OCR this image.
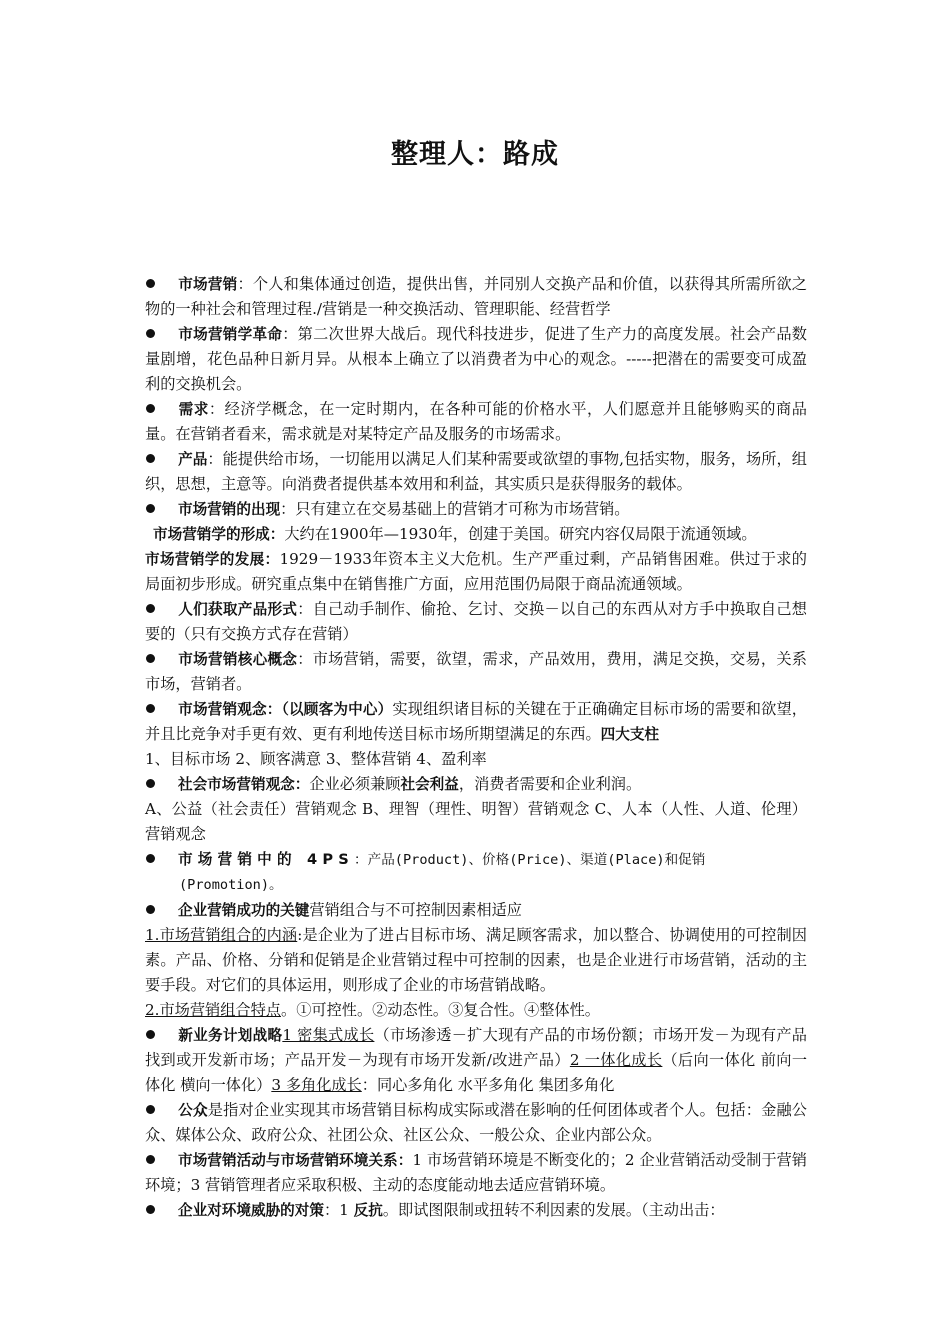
整理人：路成

市场营销：个人和集体通过创造，提供出售，并同别人交换产品和价值，以获得其所需所欲之物的一种社会和管理过程./营销是一种交换活动、管理职能、经营哲学

市场营销学革命：第二次世界大战后。现代科技进步，促进了生产力的高度发展。社会产品数量剧增，花色品种日新月异。从根本上确立了以消费者为中心的观念。-----把潜在的需要变可成盈利的交换机会。

需求：经济学概念，在一定时期内，在各种可能的价格水平，人们愿意并且能够购买的商品量。在营销者看来，需求就是对某特定产品及服务的市场需求。

产品：能提供给市场，一切能用以满足人们某种需要或欲望的事物,包括实物，服务，场所，组织，思想，主意等。向消费者提供基本效用和利益，其实质只是获得服务的载体。

市场营销的出现：只有建立在交易基础上的营销才可称为市场营销。

市场营销学的形成：大约在1900年—1930年，创建于美国。研究内容仅局限于流通领域。

市场营销学的发展：1929－1933年资本主义大危机。生产严重过剩，产品销售困难。供过于求的局面初步形成。研究重点集中在销售推广方面，应用范围仍局限于商品流通领域。

人们获取产品形式：自己动手制作、偷抢、乞讨、交换－以自己的东西从对方手中换取自己想要的（只有交换方式存在营销）

市场营销核心概念：市场营销，需要，欲望，需求，产品效用，费用，满足交换，交易，关系市场，营销者。

市场营销观念：（以顾客为中心）实现组织诸目标的关键在于正确确定目标市场的需要和欲望，并且比竞争对手更有效、更有利地传送目标市场所期望满足的东西。四大支柱

1、目标市场 2、顾客满意 3、整体营销 4、盈利率

社会市场营销观念：企业必须兼顾社会利益，消费者需要和企业利润。

A、公益（社会责任）营销观念 B、理智（理性、明智）营销观念 C、人本（人性、人道、伦理）营销观念

市场营销中的 4PS：产品(Product)、价格(Price)、渠道(Place)和促销

(Promotion)。

企业营销成功的关键营销组合与不可控制因素相适应

1.市场营销组合的内涵:是企业为了进占目标市场、满足顾客需求，加以整合、协调使用的可控制因素。产品、价格、分销和促销是企业营销过程中可控制的因素，也是企业进行市场营销，活动的主要手段。对它们的具体运用，则形成了企业的市场营销战略。

2.市场营销组合特点。①可控性。②动态性。③复合性。④整体性。

新业务计划战略1 密集式成长（市场渗透－扩大现有产品的市场份额；市场开发－为现有产品找到或开发新市场；产品开发－为现有市场开发新/改进产品）2 一体化成长（后向一体化 前向一体化 横向一体化）3 多角化成长：同心多角化 水平多角化 集团多角化

公众是指对企业实现其市场营销目标构成实际或潜在影响的任何团体或者个人。包括：金融公众、媒体公众、政府公众、社团公众、社区公众、一般公众、企业内部公众。

市场营销活动与市场营销环境关系：1 市场营销环境是不断变化的；2 企业营销活动受制于营销环境；3 营销管理者应采取积极、主动的态度能动地去适应营销环境。

企业对环境威胁的对策：1 反抗。即试图限制或扭转不利因素的发展。（主动出击：
